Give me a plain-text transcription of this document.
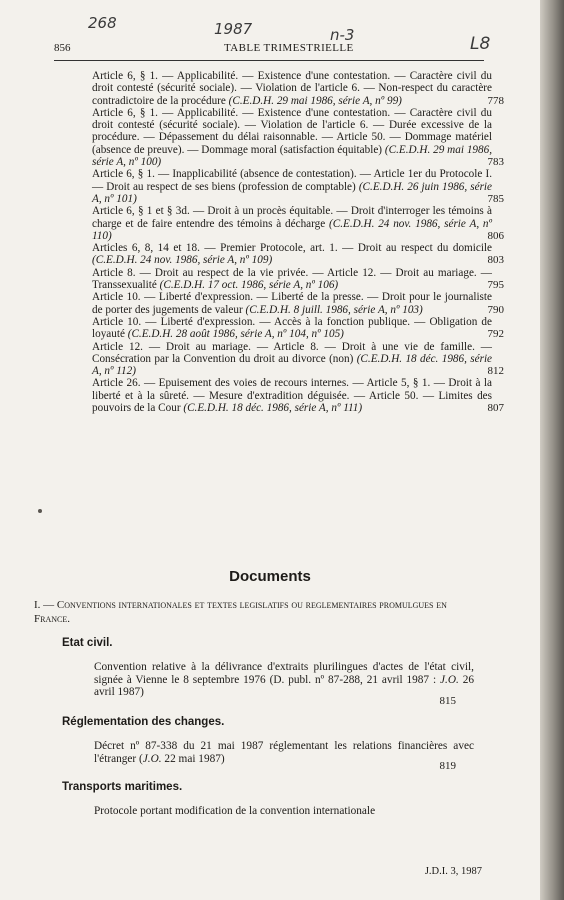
268	1987	n-3	L8
856	TABLE TRIMESTRIELLE
Article 6, § 1. — Applicabilité. — Existence d'une contestation. — Caractère civil du droit contesté (sécurité sociale). — Violation de l'article 6. — Non-respect du caractère contradictoire de la procédure (C.E.D.H. 29 mai 1986, série A, nº 99)	778
Article 6, § 1. — Applicabilité. — Existence d'une contestation. — Caractère civil du droit contesté (sécurité sociale). — Violation de l'article 6. — Durée excessive de la procédure. — Dépassement du délai raisonnable. — Article 50. — Dommage matériel (absence de preuve). — Dommage moral (satisfaction équitable) (C.E.D.H. 29 mai 1986, série A, nº 100)	783
Article 6, § 1. — Inapplicabilité (absence de contestation). — Article 1er du Protocole I. — Droit au respect de ses biens (profession de comptable) (C.E.D.H. 26 juin 1986, série A, nº 101)	785
Article 6, § 1 et § 3d. — Droit à un procès équitable. — Droit d'interroger les témoins à charge et de faire entendre des témoins à décharge (C.E.D.H. 24 nov. 1986, série A, nº 110)	806
Articles 6, 8, 14 et 18. — Premier Protocole, art. 1. — Droit au respect du domicile (C.E.D.H. 24 nov. 1986, série A, nº 109)	803
Article 8. — Droit au respect de la vie privée. — Article 12. — Droit au mariage. — Transsexualité (C.E.D.H. 17 oct. 1986, série A, nº 106)	795
Article 10. — Liberté d'expression. — Liberté de la presse. — Droit pour le journaliste de porter des jugements de valeur (C.E.D.H. 8 juill. 1986, série A, nº 103)	790
Article 10. — Liberté d'expression. — Accès à la fonction publique. — Obligation de loyauté (C.E.D.H. 28 août 1986, série A, nº 104, nº 105)	792
Article 12. — Droit au mariage. — Article 8. — Droit à une vie de famille. — Consécration par la Convention du droit au divorce (non) (C.E.D.H. 18 déc. 1986, série A, nº 112)	812
Article 26. — Epuisement des voies de recours internes. — Article 5, § 1. — Droit à la liberté et à la sûreté. — Mesure d'extradition déguisée. — Article 50. — Limites des pouvoirs de la Cour (C.E.D.H. 18 déc. 1986, série A, nº 111)	807
Documents
I. — Conventions internationales et textes legislatifs ou reglementaires promulgues en France.
Etat civil.
Convention relative à la délivrance d'extraits plurilingues d'actes de l'état civil, signée à Vienne le 8 septembre 1976 (D. publ. nº 87-288, 21 avril 1987 : J.O. 26 avril 1987)
815
Réglementation des changes.
Décret nº 87-338 du 21 mai 1987 réglementant les relations financières avec l'étranger (J.O. 22 mai 1987)
819
Transports maritimes.
Protocole portant modification de la convention internationale
J.D.I. 3, 1987
